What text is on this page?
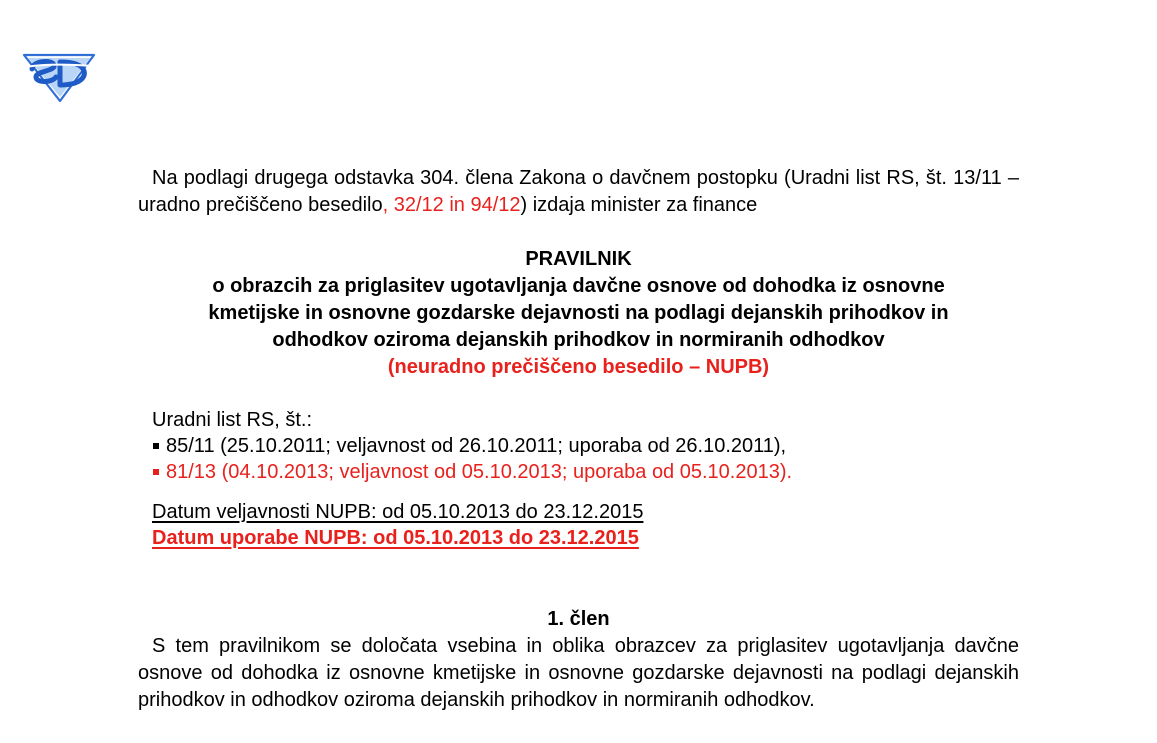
Na podlagi drugega odstavka 304. člena Zakona o davčnem postopku (Uradni list RS, št. 13/11 – uradno prečiščeno besedilo, 32/12 in 94/12) izdaja minister za finance

PRAVILNIK
o obrazcih za priglasitev ugotavljanja davčne osnove od dohodka iz osnovne
kmetijske in osnovne gozdarske dejavnosti na podlagi dejanskih prihodkov in
odhodkov oziroma dejanskih prihodkov in normiranih odhodkov
(neuradno prečiščeno besedilo – NUPB)
Uradni list RS, št.:
85/11 (25.10.2011; veljavnost od 26.10.2011; uporaba od 26.10.2011),
81/13 (04.10.2013; veljavnost od 05.10.2013; uporaba od 05.10.2013).
Datum veljavnosti NUPB: od 05.10.2013 do 23.12.2015
Datum uporabe NUPB: od 05.10.2013 do 23.12.2015
1. člen

S tem pravilnikom se določata vsebina in oblika obrazcev za priglasitev ugotavljanja davčne osnove od dohodka iz osnovne kmetijske in osnovne gozdarske dejavnosti na podlagi dejanskih prihodkov in odhodkov oziroma dejanskih prihodkov in normiranih odhodkov.
